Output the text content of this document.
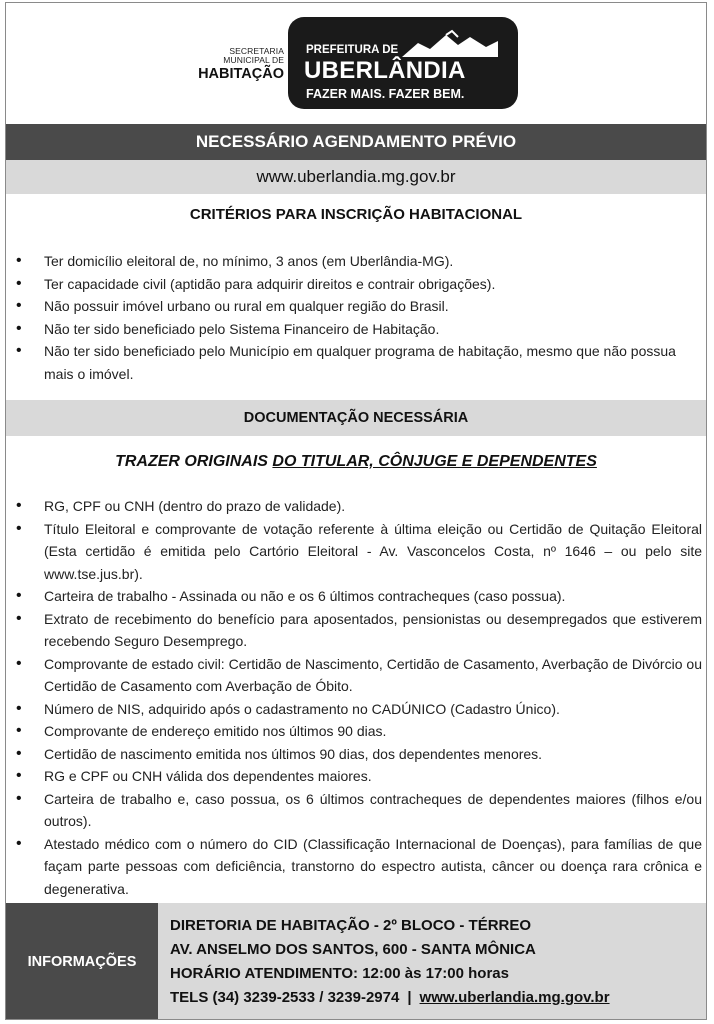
SECRETARIA
MUNICIPAL DE
HABITAÇÃO
PREFEITURA DE
UBERLÂNDIA
FAZER MAIS. FAZER BEM.
NECESSÁRIO AGENDAMENTO PRÉVIO
www.uberlandia.mg.gov.br
CRITÉRIOS PARA INSCRIÇÃO HABITACIONAL
• Ter domicílio eleitoral de, no mínimo, 3 anos (em Uberlândia-MG).
• Ter capacidade civil (aptidão para adquirir direitos e contrair obrigações).
• Não possuir imóvel urbano ou rural em qualquer região do Brasil.
• Não ter sido beneficiado pelo Sistema Financeiro de Habitação.
• Não ter sido beneficiado pelo Município em qualquer programa de habitação, mesmo que não possua mais o imóvel.
DOCUMENTAÇÃO NECESSÁRIA
TRAZER ORIGINAIS DO TITULAR, CÔNJUGE E DEPENDENTES
• RG, CPF ou CNH (dentro do prazo de validade).
• Título Eleitoral e comprovante de votação referente à última eleição ou Certidão de Quitação Eleitoral (Esta certidão é emitida pelo Cartório Eleitoral - Av. Vasconcelos Costa, nº 1646 – ou pelo site www.tse.jus.br).
• Carteira de trabalho - Assinada ou não e os 6 últimos contracheques (caso possua).
• Extrato de recebimento do benefício para aposentados, pensionistas ou desempregados que estiverem recebendo Seguro Desemprego.
• Comprovante de estado civil: Certidão de Nascimento, Certidão de Casamento, Averbação de Divórcio ou Certidão de Casamento com Averbação de Óbito.
• Número de NIS, adquirido após o cadastramento no CADÚNICO (Cadastro Único).
• Comprovante de endereço emitido nos últimos 90 dias.
• Certidão de nascimento emitida nos últimos 90 dias, dos dependentes menores.
• RG e CPF ou CNH válida dos dependentes maiores.
• Carteira de trabalho e, caso possua, os 6 últimos contracheques de dependentes maiores (filhos e/ou outros).
• Atestado médico com o número do CID (Classificação Internacional de Doenças), para famílias de que façam parte pessoas com deficiência, transtorno do espectro autista, câncer ou doença rara crônica e degenerativa.
INFORMAÇÕES
DIRETORIA DE HABITAÇÃO - 2º BLOCO - TÉRREO
AV. ANSELMO DOS SANTOS, 600 - SANTA MÔNICA
HORÁRIO ATENDIMENTO: 12:00 às 17:00 horas
TELS (34) 3239-2533 / 3239-2974 | www.uberlandia.mg.gov.br
